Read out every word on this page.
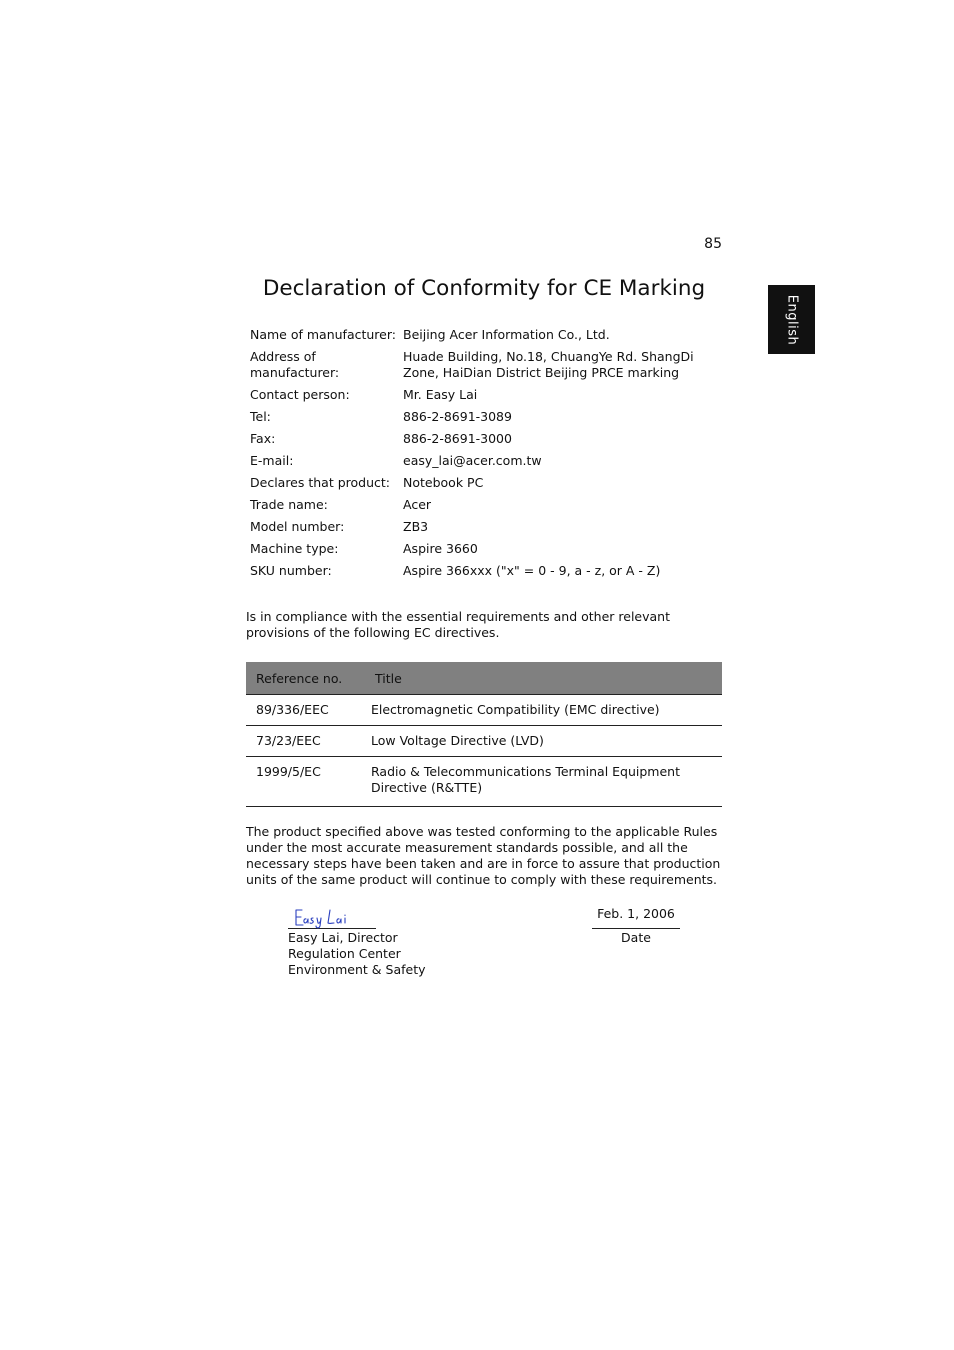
85
English
Declaration of Conformity for CE Marking
Name of manufacturer: Beijing Acer Information Co., Ltd.
Address of manufacturer:
Huade Building, No.18, ChuangYe Rd. ShangDi Zone, HaiDian District Beijing PRCE marking
Contact person:	Mr. Easy Lai
Tel:	886-2-8691-3089
Fax:	886-2-8691-3000
E-mail:	easy_lai@acer.com.tw
Declares that product:	Notebook PC
Trade name:	Acer
Model number:	ZB3
Machine type:	Aspire 3660
SKU number:	Aspire 366xxx ("x" = 0 - 9, a - z, or A - Z)

Is in compliance with the essential requirements and other relevant provisions of the following EC directives.

Reference no.	Title
89/336/EEC	Electromagnetic Compatibility (EMC directive)
73/23/EEC	Low Voltage Directive (LVD)
1999/5/EC	Radio & Telecommunications Terminal Equipment Directive (R&TTE)

The product specified above was tested conforming to the applicable Rules under the most accurate measurement standards possible, and all the necessary steps have been taken and are in force to assure that production units of the same product will continue to comply with these requirements.

Easy Lai, Director
Regulation Center
Environment & Safety
Feb. 1, 2006
Date
